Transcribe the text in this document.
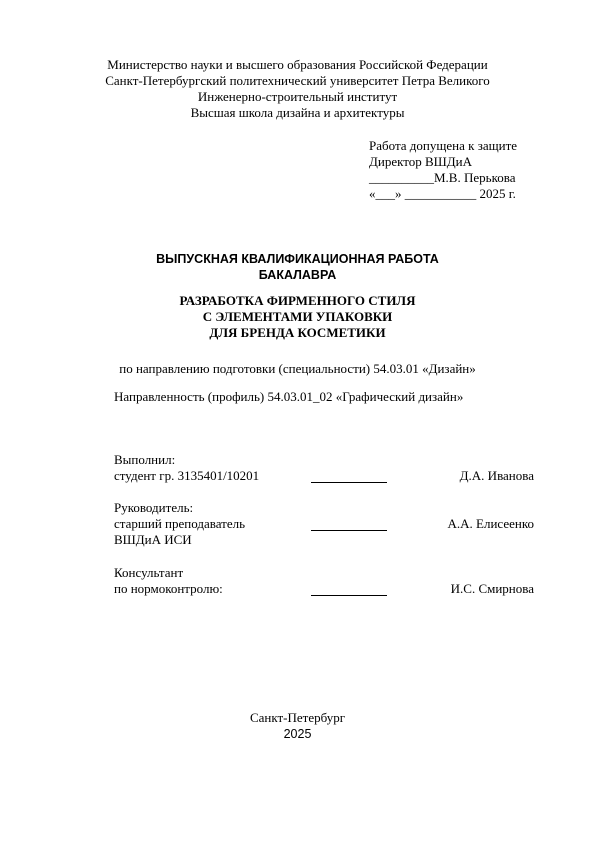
Министерство науки и высшего образования Российской Федерации
Санкт-Петербургский политехнический университет Петра Великого
Инженерно-строительный институт
Высшая школа дизайна и архитектуры
Работа допущена к защите
Директор ВШДиА
__________М.В. Перькова
«___» ___________ 2025 г.
ВЫПУСКНАЯ КВАЛИФИКАЦИОННАЯ РАБОТА
БАКАЛАВРА
РАЗРАБОТКА ФИРМЕННОГО СТИЛЯ
С ЭЛЕМЕНТАМИ УПАКОВКИ
ДЛЯ БРЕНДА КОСМЕТИКИ
по направлению подготовки (специальности) 54.03.01 «Дизайн»
Направленность (профиль) 54.03.01_02 «Графический дизайн»
Выполнил:
студент гр. 3135401/10201	Д.А. Иванова
Руководитель:
старший преподаватель
ВШДиА ИСИ
А.А. Елисеенко
Консультант
по нормоконтролю:	И.С. Смирнова
Санкт-Петербург
2025
